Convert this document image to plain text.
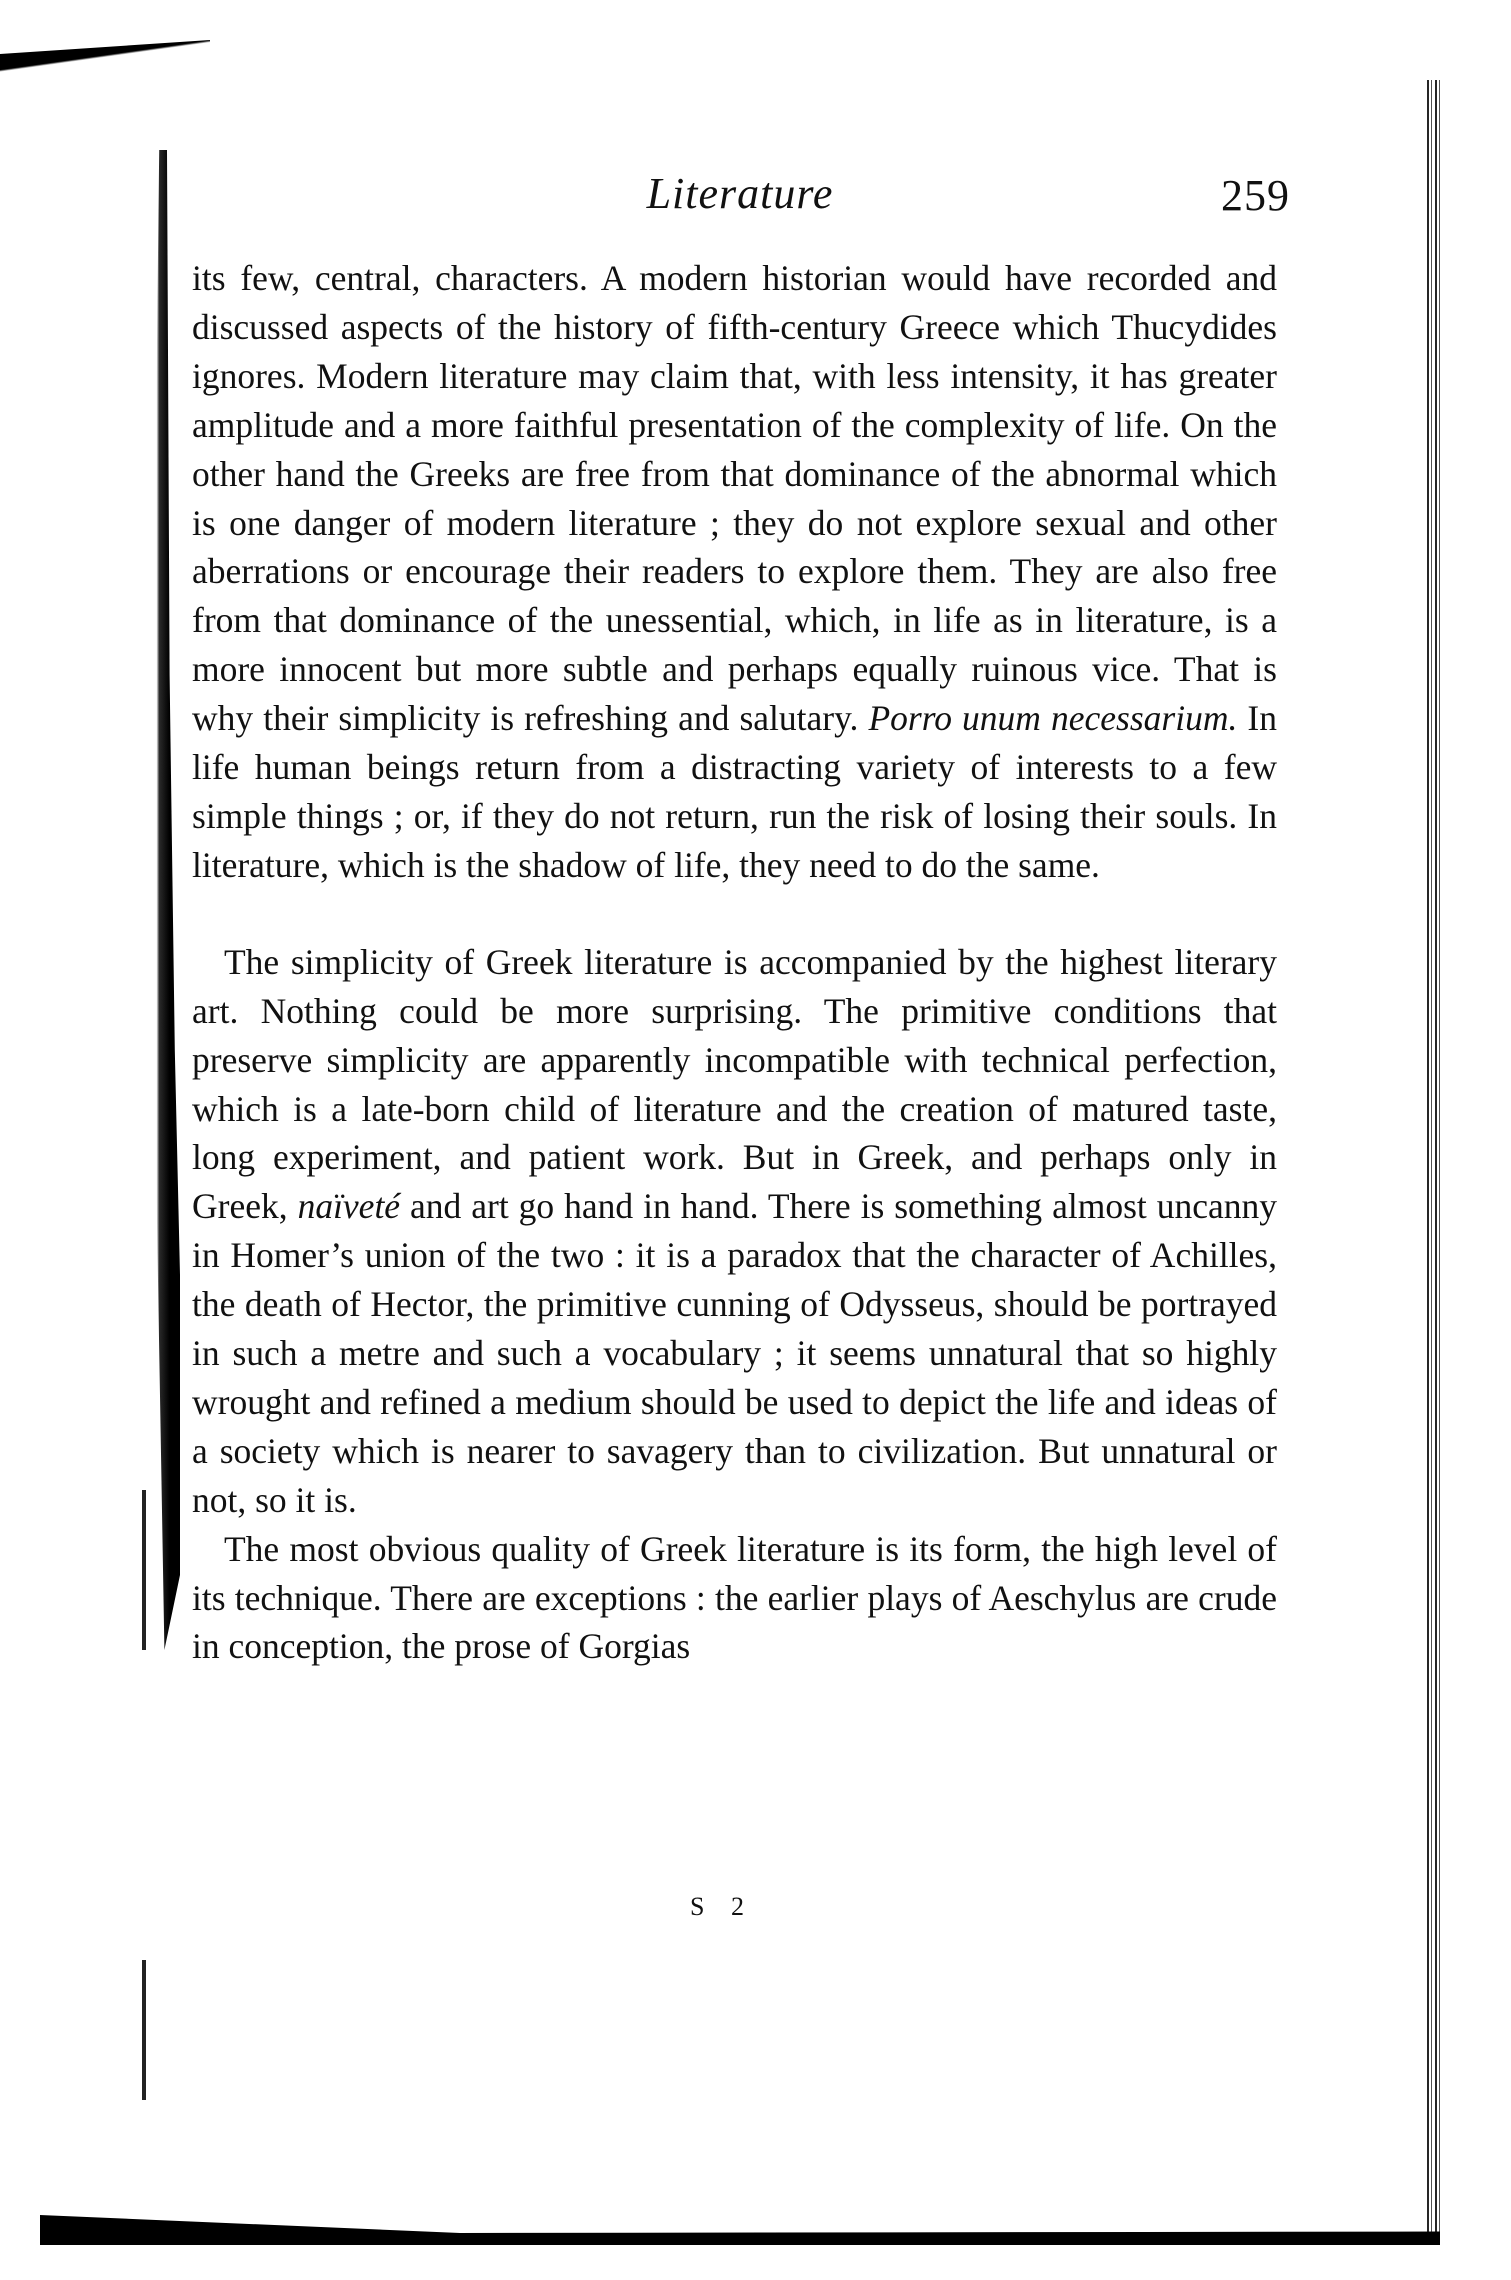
Literature	259

its few, central, characters. A modern historian would have recorded and discussed aspects of the history of fifth-century Greece which Thucydides ignores. Modern literature may claim that, with less intensity, it has greater amplitude and a more faithful presentation of the complexity of life. On the other hand the Greeks are free from that dominance of the abnormal which is one danger of modern literature ; they do not explore sexual and other aberrations or encourage their readers to explore them. They are also free from that dominance of the unessential, which, in life as in literature, is a more innocent but more subtle and perhaps equally ruinous vice. That is why their simplicity is refreshing and salutary. Porro unum necessarium. In life human beings return from a distracting variety of interests to a few simple things ; or, if they do not return, run the risk of losing their souls. In literature, which is the shadow of life, they need to do the same.

The simplicity of Greek literature is accompanied by the highest literary art. Nothing could be more surprising. The primitive conditions that preserve simplicity are apparently incompatible with technical perfection, which is a late-born child of literature and the creation of matured taste, long experiment, and patient work. But in Greek, and perhaps only in Greek, naïveté and art go hand in hand. There is something almost uncanny in Homer’s union of the two : it is a paradox that the character of Achilles, the death of Hector, the primitive cunning of Odysseus, should be portrayed in such a metre and such a vocabulary ; it seems unnatural that so highly wrought and refined a medium should be used to depict the life and ideas of a society which is nearer to savagery than to civilization. But unnatural or not, so it is.

The most obvious quality of Greek literature is its form, the high level of its technique. There are exceptions : the earlier plays of Aeschylus are crude in conception, the prose of Gorgias

S 2
